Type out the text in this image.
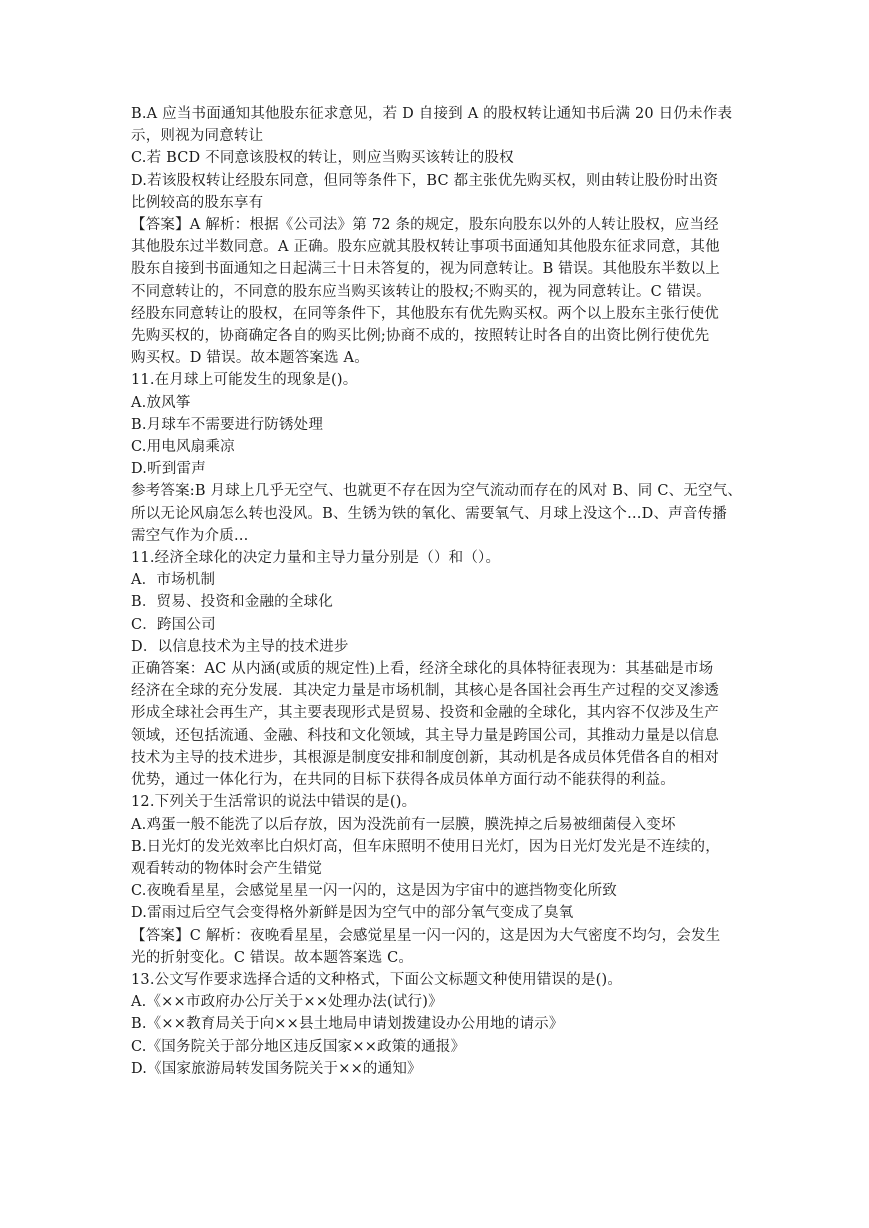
B.A 应当书面通知其他股东征求意见，若 D 自接到 A 的股权转让通知书后满 20 日仍未作表
示，则视为同意转让
C.若 BCD 不同意该股权的转让，则应当购买该转让的股权
D.若该股权转让经股东同意，但同等条件下，BC 都主张优先购买权，则由转让股份时出资
比例较高的股东享有
【答案】A 解析：根据《公司法》第 72 条的规定，股东向股东以外的人转让股权，应当经
其他股东过半数同意。A 正确。股东应就其股权转让事项书面通知其他股东征求同意，其他
股东自接到书面通知之日起满三十日未答复的，视为同意转让。B 错误。其他股东半数以上
不同意转让的，不同意的股东应当购买该转让的股权;不购买的，视为同意转让。C 错误。
经股东同意转让的股权，在同等条件下，其他股东有优先购买权。两个以上股东主张行使优
先购买权的，协商确定各自的购买比例;协商不成的，按照转让时各自的出资比例行使优先
购买权。D 错误。故本题答案选 A。
11.在月球上可能发生的现象是()。
A.放风筝
B.月球车不需要进行防锈处理
C.用电风扇乘凉
D.听到雷声
参考答案:B 月球上几乎无空气、也就更不存在因为空气流动而存在的风对 B、同 C、无空气、
所以无论风扇怎么转也没风。B、生锈为铁的氧化、需要氧气、月球上没这个…D、声音传播
需空气作为介质…
11.经济全球化的决定力量和主导力量分别是（）和（）。
A．市场机制
B．贸易、投资和金融的全球化
C．跨国公司
D．以信息技术为主导的技术进步
正确答案：AC 从内涵(或质的规定性)上看，经济全球化的具体特征表现为：其基础是市场
经济在全球的充分发展．其决定力量是市场机制，其核心是各国社会再生产过程的交叉渗透
形成全球社会再生产，其主要表现形式是贸易、投资和金融的全球化，其内容不仅涉及生产
领域，还包括流通、金融、科技和文化领域，其主导力量是跨国公司，其推动力量是以信息
技术为主导的技术进步，其根源是制度安排和制度创新，其动机是各成员体凭借各自的相对
优势，通过一体化行为，在共同的目标下获得各成员体单方面行动不能获得的利益。
12.下列关于生活常识的说法中错误的是()。
A.鸡蛋一般不能洗了以后存放，因为没洗前有一层膜，膜洗掉之后易被细菌侵入变坏
B.日光灯的发光效率比白炽灯高，但车床照明不使用日光灯，因为日光灯发光是不连续的，
观看转动的物体时会产生错觉
C.夜晚看星星，会感觉星星一闪一闪的，这是因为宇宙中的遮挡物变化所致
D.雷雨过后空气会变得格外新鲜是因为空气中的部分氧气变成了臭氧
【答案】C 解析：夜晚看星星，会感觉星星一闪一闪的，这是因为大气密度不均匀，会发生
光的折射变化。C 错误。故本题答案选 C。
13.公文写作要求选择合适的文种格式，下面公文标题文种使用错误的是()。
A.《××市政府办公厅关于××处理办法(试行)》
B.《××教育局关于向××县土地局申请划拨建设办公用地的请示》
C.《国务院关于部分地区违反国家××政策的通报》
D.《国家旅游局转发国务院关于××的通知》
